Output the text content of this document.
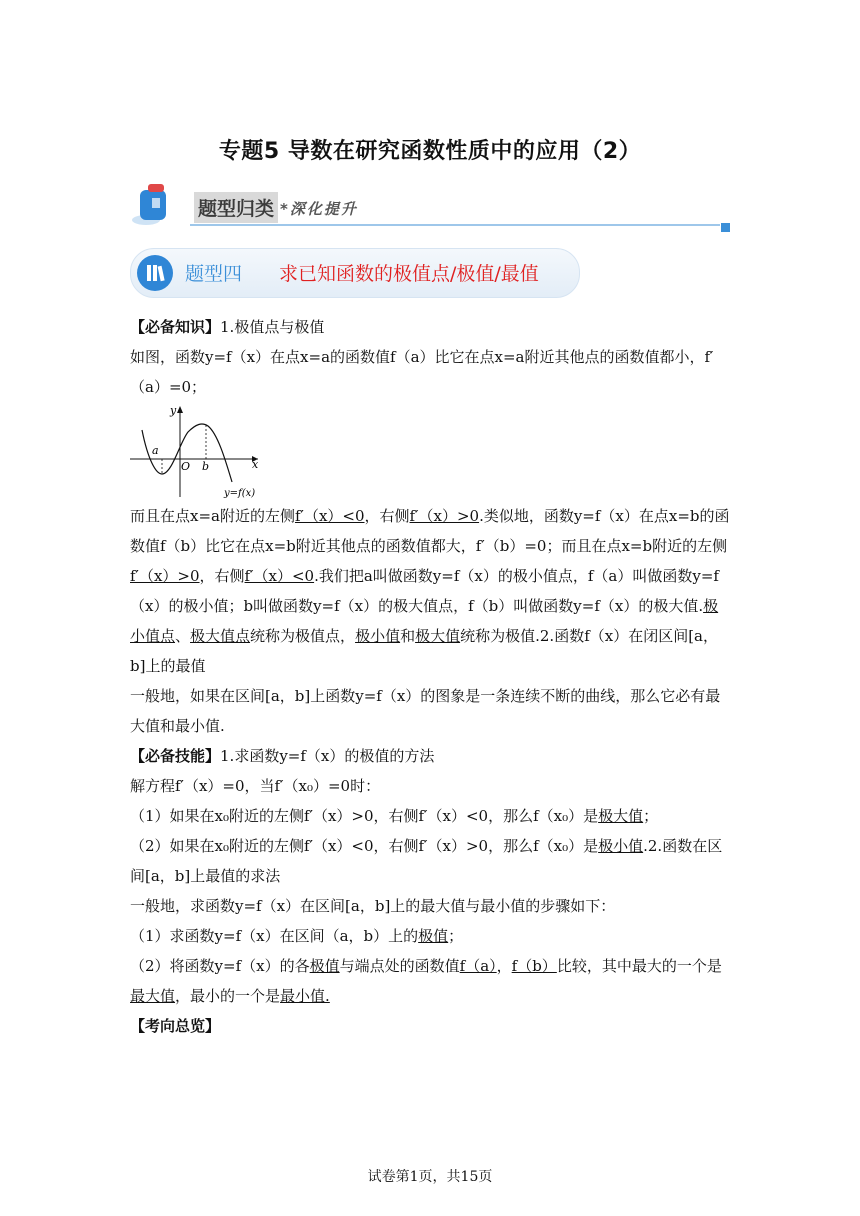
专题5 导数在研究函数性质中的应用（2）
题型归类 *深化提升
题型四 求已知函数的极值点/极值/最值

【必备知识】1.极值点与极值

如图，函数y=f（x）在点x=a的函数值f（a）比它在点x=a附近其他点的函数值都小，f′（a）=0；

y
a
O b	x
y=f(x)

而且在点x=a附近的左侧f′（x）<0，右侧f′（x）>0.类似地，函数y=f（x）在点x=b的函数值f（b）比它在点x=b附近其他点的函数值都大，f′（b）=0；而且在点x=b附近的左侧f′（x）>0，右侧f′（x）<0.我们把a叫做函数y=f（x）的极小值点，f（a）叫做函数y=f（x）的极小值；b叫做函数y=f（x）的极大值点，f（b）叫做函数y=f（x）的极大值.极小值点、极大值点统称为极值点，极小值和极大值统称为极值.2.函数f（x）在闭区间[a，b]上的最值

一般地，如果在区间[a，b]上函数y=f（x）的图象是一条连续不断的曲线，那么它必有最大值和最小值.

【必备技能】1.求函数y=f（x）的极值的方法

解方程f′（x）=0，当f′（x₀）=0时：

（1）如果在x₀附近的左侧f′（x）>0，右侧f′（x）<0，那么f（x₀）是极大值；

（2）如果在x₀附近的左侧f′（x）<0，右侧f′（x）>0，那么f（x₀）是极小值.2.函数在区间[a，b]上最值的求法

一般地，求函数y=f（x）在区间[a，b]上的最大值与最小值的步骤如下：

（1）求函数y=f（x）在区间（a，b）上的极值；

（2）将函数y=f（x）的各极值与端点处的函数值f（a），f（b）比较，其中最大的一个是最大值，最小的一个是最小值.

【考向总览】

试卷第1页，共15页
